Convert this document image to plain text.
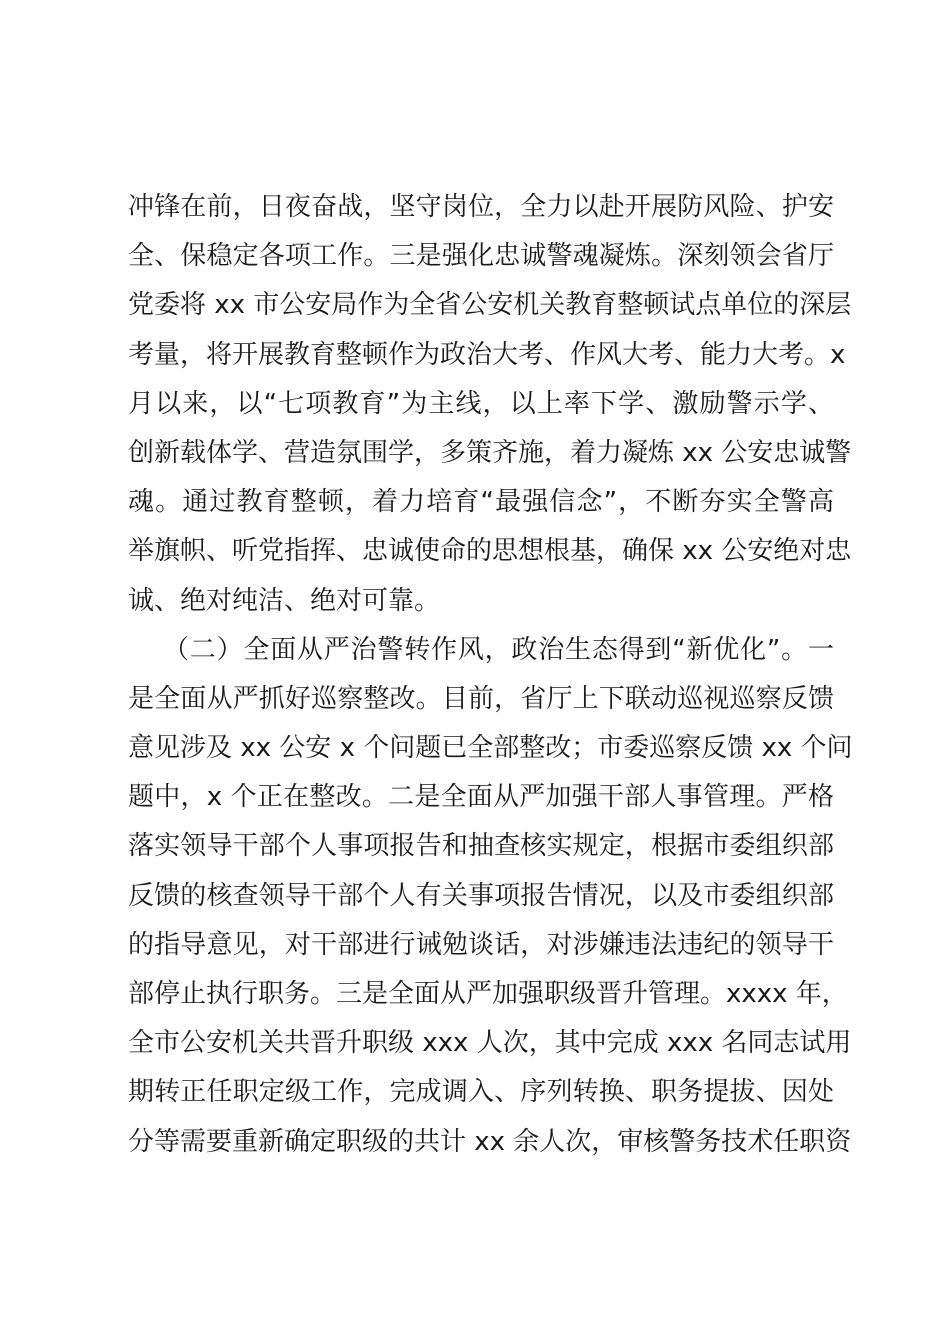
冲锋在前，日夜奋战，坚守岗位，全力以赴开展防风险、护安
全、保稳定各项工作。三是强化忠诚警魂凝炼。深刻领会省厅
党委将 xx 市公安局作为全省公安机关教育整顿试点单位的深层
考量，将开展教育整顿作为政治大考、作风大考、能力大考。x
月以来，以“七项教育”为主线，以上率下学、激励警示学、
创新载体学、营造氛围学，多策齐施，着力凝炼 xx 公安忠诚警
魂。通过教育整顿，着力培育“最强信念”，不断夯实全警高
举旗帜、听党指挥、忠诚使命的思想根基，确保 xx 公安绝对忠
诚、绝对纯洁、绝对可靠。
（二）全面从严治警转作风，政治生态得到“新优化”。一
是全面从严抓好巡察整改。目前，省厅上下联动巡视巡察反馈
意见涉及 xx 公安 x 个问题已全部整改；市委巡察反馈 xx 个问
题中，x 个正在整改。二是全面从严加强干部人事管理。严格
落实领导干部个人事项报告和抽查核实规定，根据市委组织部
反馈的核查领导干部个人有关事项报告情况，以及市委组织部
的指导意见，对干部进行诫勉谈话，对涉嫌违法违纪的领导干
部停止执行职务。三是全面从严加强职级晋升管理。xxxx 年，
全市公安机关共晋升职级 xxx 人次，其中完成 xxx 名同志试用
期转正任职定级工作，完成调入、序列转换、职务提拔、因处
分等需要重新确定职级的共计 xx 余人次，审核警务技术任职资
